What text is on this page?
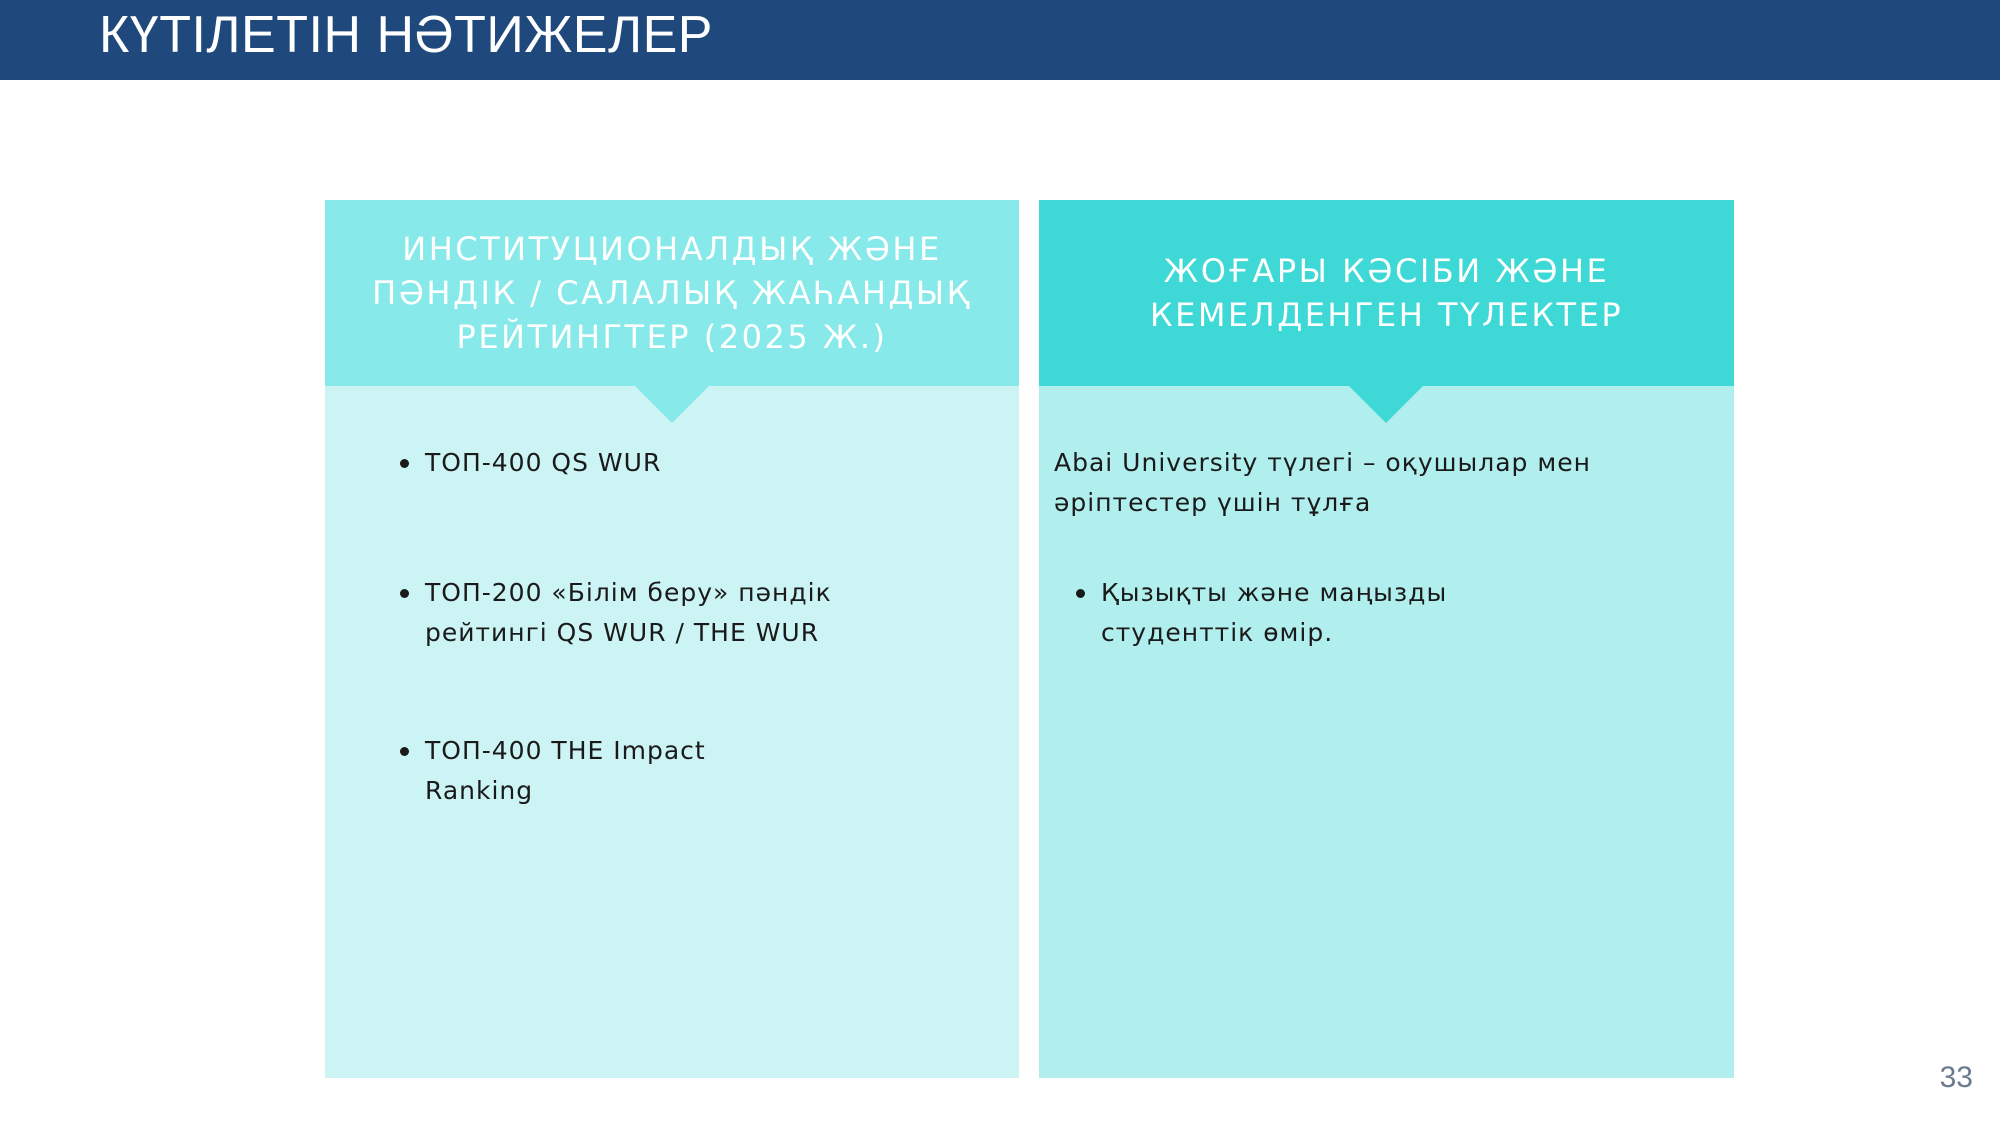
КҮТІЛЕТІН НӘТИЖЕЛЕР
ИНСТИТУЦИОНАЛДЫҚ ЖӘНЕ ПӘНДІК / САЛАЛЫҚ ЖАҺАНДЫҚ РЕЙТИНГТЕР (2025 Ж.)
ТОП-400 QS WUR
ТОП-200 «Білім беру» пәндік рейтингі QS WUR / THE WUR
ТОП-400 THE Impact Ranking
ЖОҒАРЫ КӘСІБИ ЖӘНЕ КЕМЕЛДЕНГЕН ТҮЛЕКТЕР
Abai University түлегі – оқушылар мен әріптестер үшін тұлға
Қызықты және маңызды студенттік өмір.
33
